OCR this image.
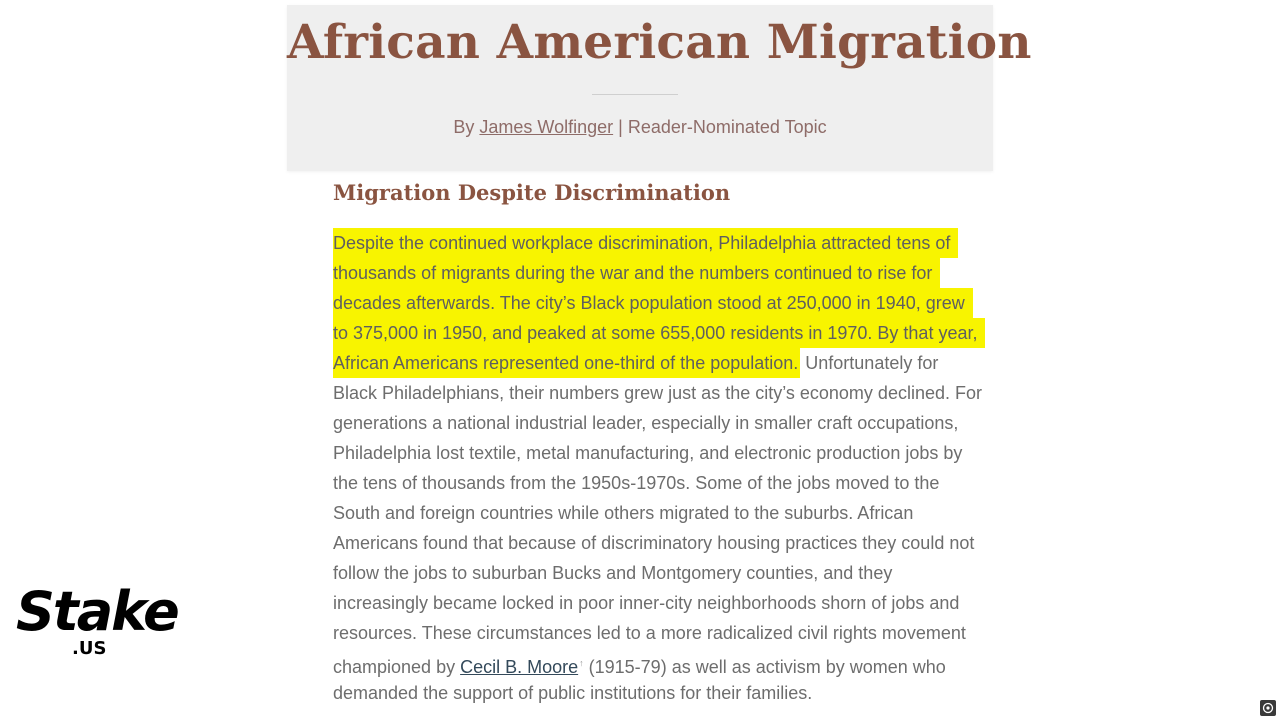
African American Migration
By James Wolfinger | Reader-Nominated Topic
Migration Despite Discrimination
Despite the continued workplace discrimination, Philadelphia attracted tens of
thousands of migrants during the war and the numbers continued to rise for
decades afterwards. The city’s Black population stood at 250,000 in 1940, grew
to 375,000 in 1950, and peaked at some 655,000 residents in 1970. By that year,
African Americans represented one-third of the population. Unfortunately for
Black Philadelphians, their numbers grew just as the city’s economy declined. For
generations a national industrial leader, especially in smaller craft occupations,
Philadelphia lost textile, metal manufacturing, and electronic production jobs by
the tens of thousands from the 1950s-1970s. Some of the jobs moved to the
South and foreign countries while others migrated to the suburbs. African
Americans found that because of discriminatory housing practices they could not
follow the jobs to suburban Bucks and Montgomery counties, and they
increasingly became locked in poor inner-city neighborhoods shorn of jobs and
resources. These circumstances led to a more radicalized civil rights movement
championed by Cecil B. Moore↑ (1915-79) as well as activism by women who
demanded the support of public institutions for their families.
Stake
.US
